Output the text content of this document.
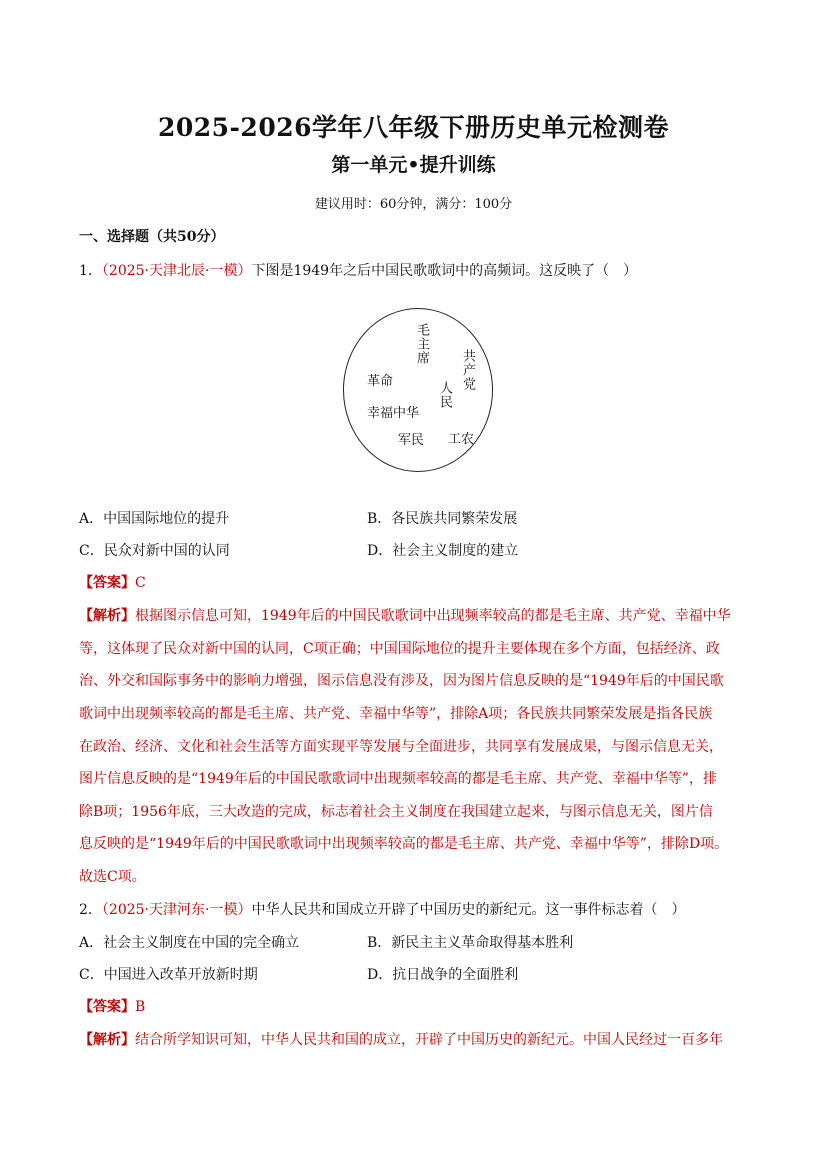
2025-2026学年八年级下册历史单元检测卷
第一单元•提升训练
建议用时：60分钟，满分：100分
一、选择题（共50分）
1．（2025·天津北辰·一模）下图是1949年之后中国民歌歌词中的高频词。这反映了（　）
毛主席
共产党
革命	人民
幸福中华
军民 工农
A．中国国际地位的提升	B．各民族共同繁荣发展
C．民众对新中国的认同	D．社会主义制度的建立
【答案】C
【解析】根据图示信息可知，1949年后的中国民歌歌词中出现频率较高的都是毛主席、共产党、幸福中华
等，这体现了民众对新中国的认同，C项正确；中国国际地位的提升主要体现在多个方面，包括经济、政
治、外交和国际事务中的影响力增强，图示信息没有涉及，因为图片信息反映的是“1949年后的中国民歌
歌词中出现频率较高的都是毛主席、共产党、幸福中华等”，排除A项；各民族共同繁荣发展是指各民族
在政治、经济、文化和社会生活等方面实现平等发展与全面进步，共同享有发展成果，与图示信息无关，
图片信息反映的是“1949年后的中国民歌歌词中出现频率较高的都是毛主席、共产党、幸福中华等”，排
除B项；1956年底，三大改造的完成，标志着社会主义制度在我国建立起来，与图示信息无关，图片信
息反映的是“1949年后的中国民歌歌词中出现频率较高的都是毛主席、共产党、幸福中华等”，排除D项。
故选C项。
2．（2025·天津河东·一模）中华人民共和国成立开辟了中国历史的新纪元。这一事件标志着（　）
A．社会主义制度在中国的完全确立	B．新民主主义革命取得基本胜利
C．中国进入改革开放新时期	D．抗日战争的全面胜利
【答案】B
【解析】结合所学知识可知，中华人民共和国的成立，开辟了中国历史的新纪元。中国人民经过一百多年
